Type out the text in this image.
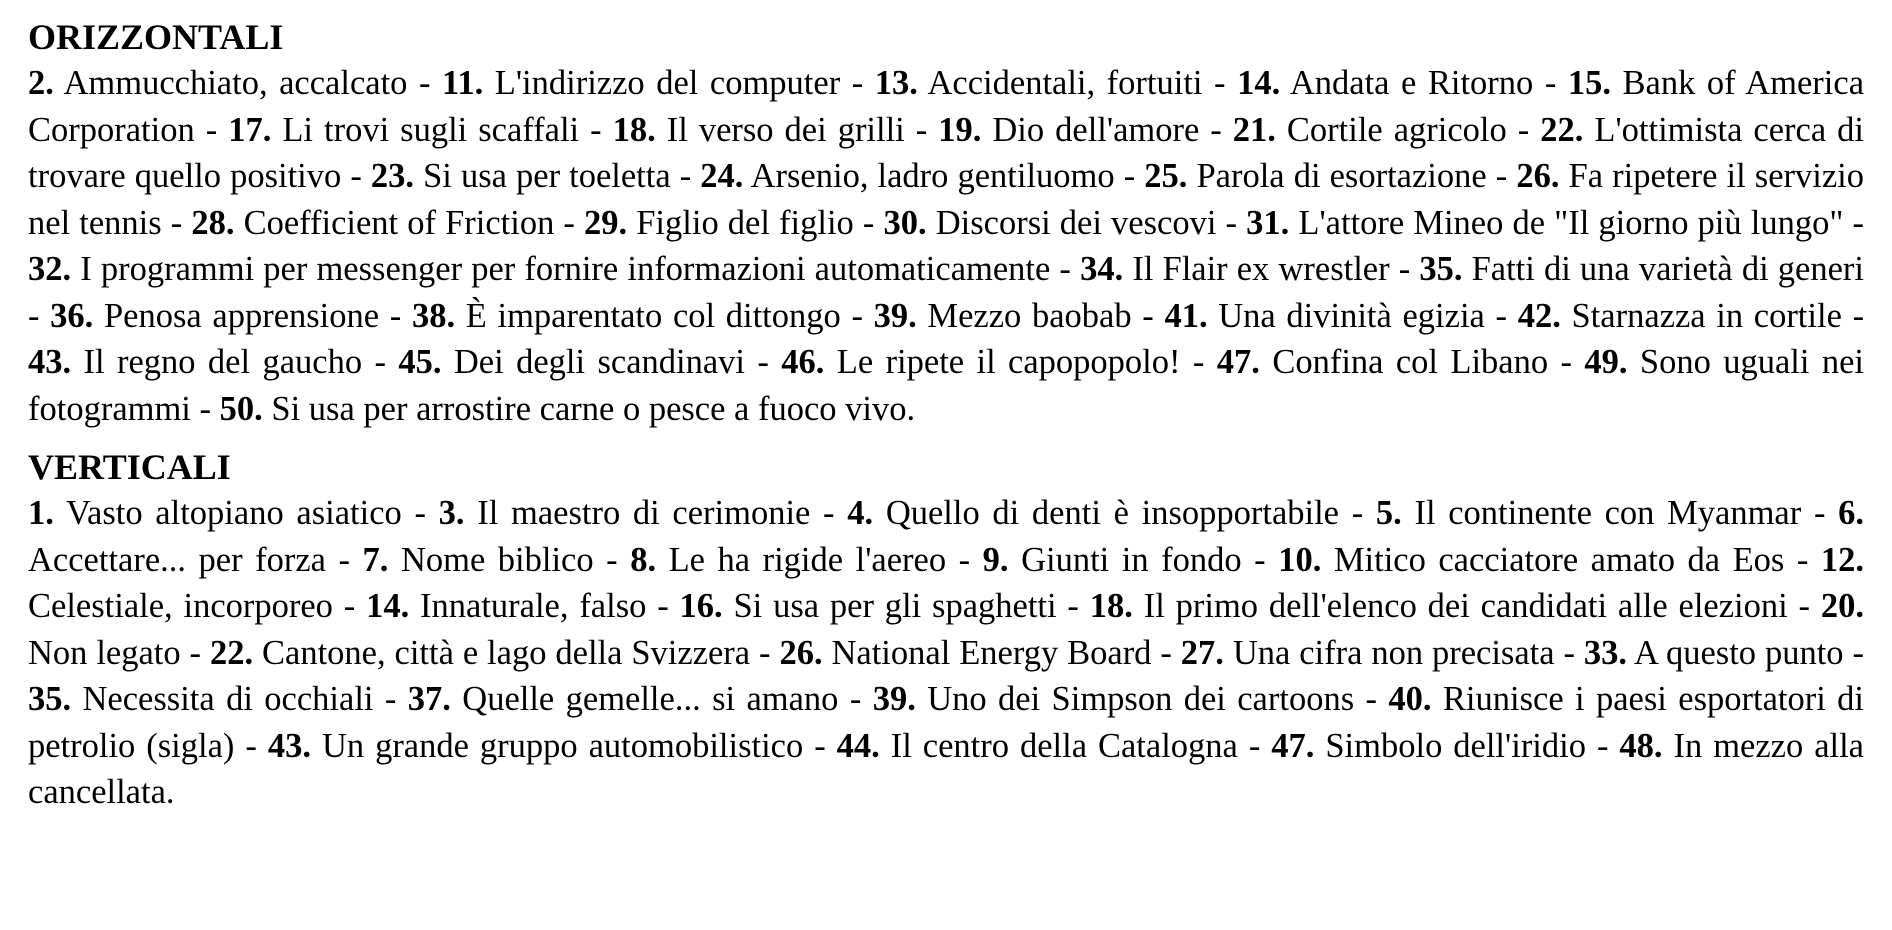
ORIZZONTALI

2. Ammucchiato, accalcato - 11. L'indirizzo del computer - 13. Accidentali, fortuiti - 14. Andata e Ritorno - 15. Bank of America Corporation - 17. Li trovi sugli scaffali - 18. Il verso dei grilli - 19. Dio dell'amore - 21. Cortile agricolo - 22. L'ottimista cerca di trovare quello positivo - 23. Si usa per toeletta - 24. Arsenio, ladro gentiluomo - 25. Parola di esortazione - 26. Fa ripetere il servizio nel tennis - 28. Coefficient of Friction - 29. Figlio del figlio - 30. Discorsi dei vescovi - 31. L'attore Mineo de "Il giorno più lungo" - 32. I programmi per messenger per fornire informazioni automaticamente - 34. Il Flair ex wrestler - 35. Fatti di una varietà di generi - 36. Penosa apprensione - 38. È imparentato col dittongo - 39. Mezzo baobab - 41. Una divinità egizia - 42. Starnazza in cortile - 43. Il regno del gaucho - 45. Dei degli scandinavi - 46. Le ripete il capopopolo! - 47. Confina col Libano - 49. Sono uguali nei fotogrammi - 50. Si usa per arrostire carne o pesce a fuoco vivo.

VERTICALI

1. Vasto altopiano asiatico - 3. Il maestro di cerimonie - 4. Quello di denti è insopportabile - 5. Il continente con Myanmar - 6. Accettare... per forza - 7. Nome biblico - 8. Le ha rigide l'aereo - 9. Giunti in fondo - 10. Mitico cacciatore amato da Eos - 12. Celestiale, incorporeo - 14. Innaturale, falso - 16. Si usa per gli spaghetti - 18. Il primo dell'elenco dei candidati alle elezioni - 20. Non legato - 22. Cantone, città e lago della Svizzera - 26. National Energy Board - 27. Una cifra non precisata - 33. A questo punto - 35. Necessita di occhiali - 37. Quelle gemelle... si amano - 39. Uno dei Simpson dei cartoons - 40. Riunisce i paesi esportatori di petrolio (sigla) - 43. Un grande gruppo automobilistico - 44. Il centro della Catalogna - 47. Simbolo dell'iridio - 48. In mezzo alla cancellata.
